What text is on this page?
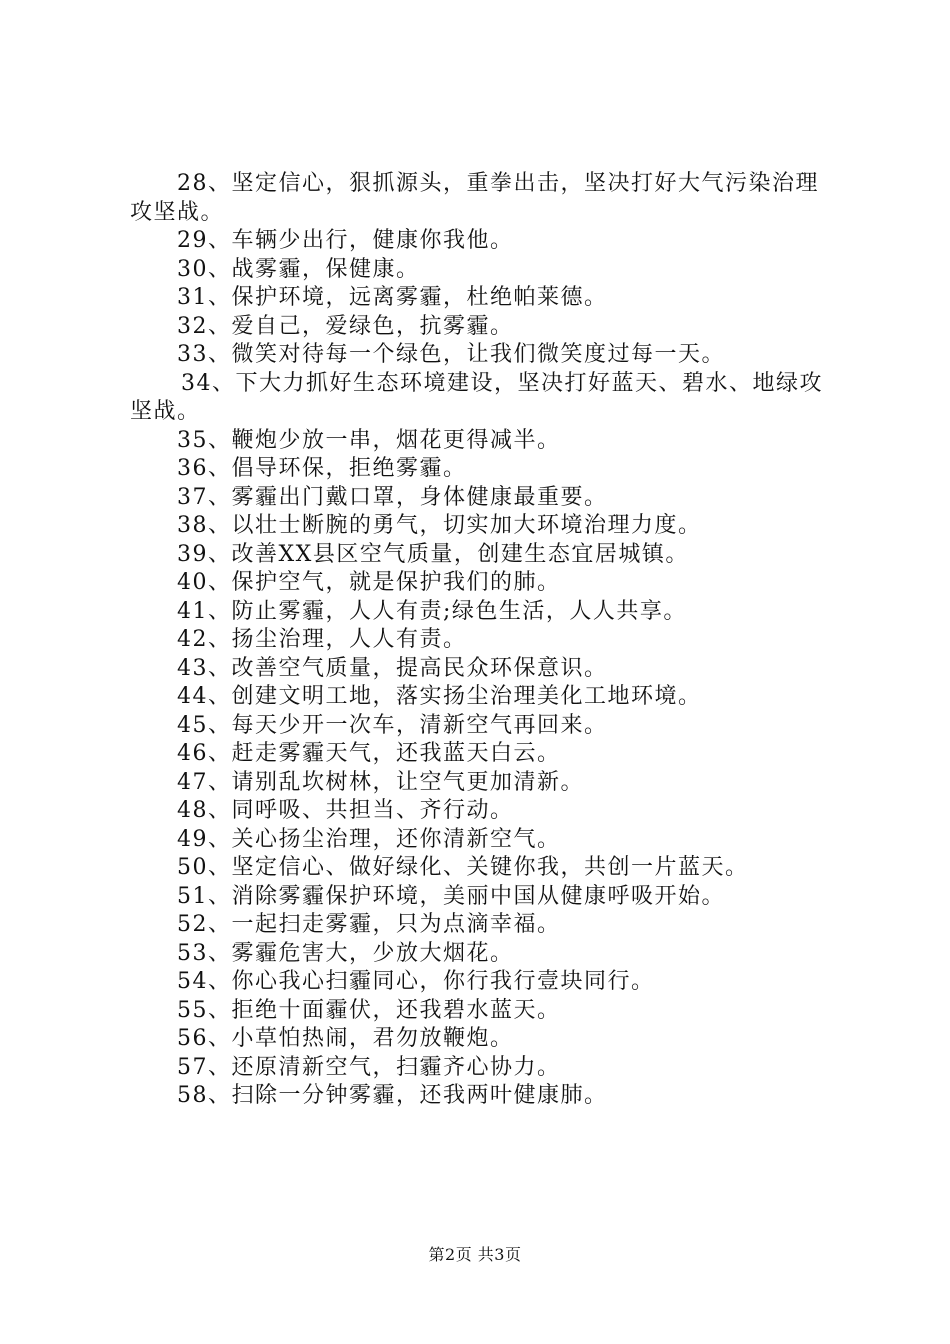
28、坚定信心，狠抓源头，重拳出击，坚决打好大气污染治理攻坚战。

29、车辆少出行，健康你我他。

30、战雾霾，保健康。

31、保护环境，远离雾霾，杜绝帕莱德。

32、爱自己，爱绿色，抗雾霾。

33、微笑对待每一个绿色，让我们微笑度过每一天。

34、下大力抓好生态环境建设，坚决打好蓝天、碧水、地绿攻坚战。

35、鞭炮少放一串，烟花更得减半。

36、倡导环保，拒绝雾霾。

37、雾霾出门戴口罩，身体健康最重要。

38、以壮士断腕的勇气，切实加大环境治理力度。

39、改善XX县区空气质量，创建生态宜居城镇。

40、保护空气，就是保护我们的肺。

41、防止雾霾，人人有责;绿色生活，人人共享。

42、扬尘治理，人人有责。

43、改善空气质量，提高民众环保意识。

44、创建文明工地，落实扬尘治理美化工地环境。

45、每天少开一次车，清新空气再回来。

46、赶走雾霾天气，还我蓝天白云。

47、请别乱坎树林，让空气更加清新。

48、同呼吸、共担当、齐行动。

49、关心扬尘治理，还你清新空气。

50、坚定信心、做好绿化、关键你我，共创一片蓝天。

51、消除雾霾保护环境，美丽中国从健康呼吸开始。

52、一起扫走雾霾，只为点滴幸福。

53、雾霾危害大，少放大烟花。

54、你心我心扫霾同心，你行我行壹块同行。

55、拒绝十面霾伏，还我碧水蓝天。

56、小草怕热闹，君勿放鞭炮。

57、还原清新空气，扫霾齐心协力。

58、扫除一分钟雾霾，还我两叶健康肺。

第2页 共3页
